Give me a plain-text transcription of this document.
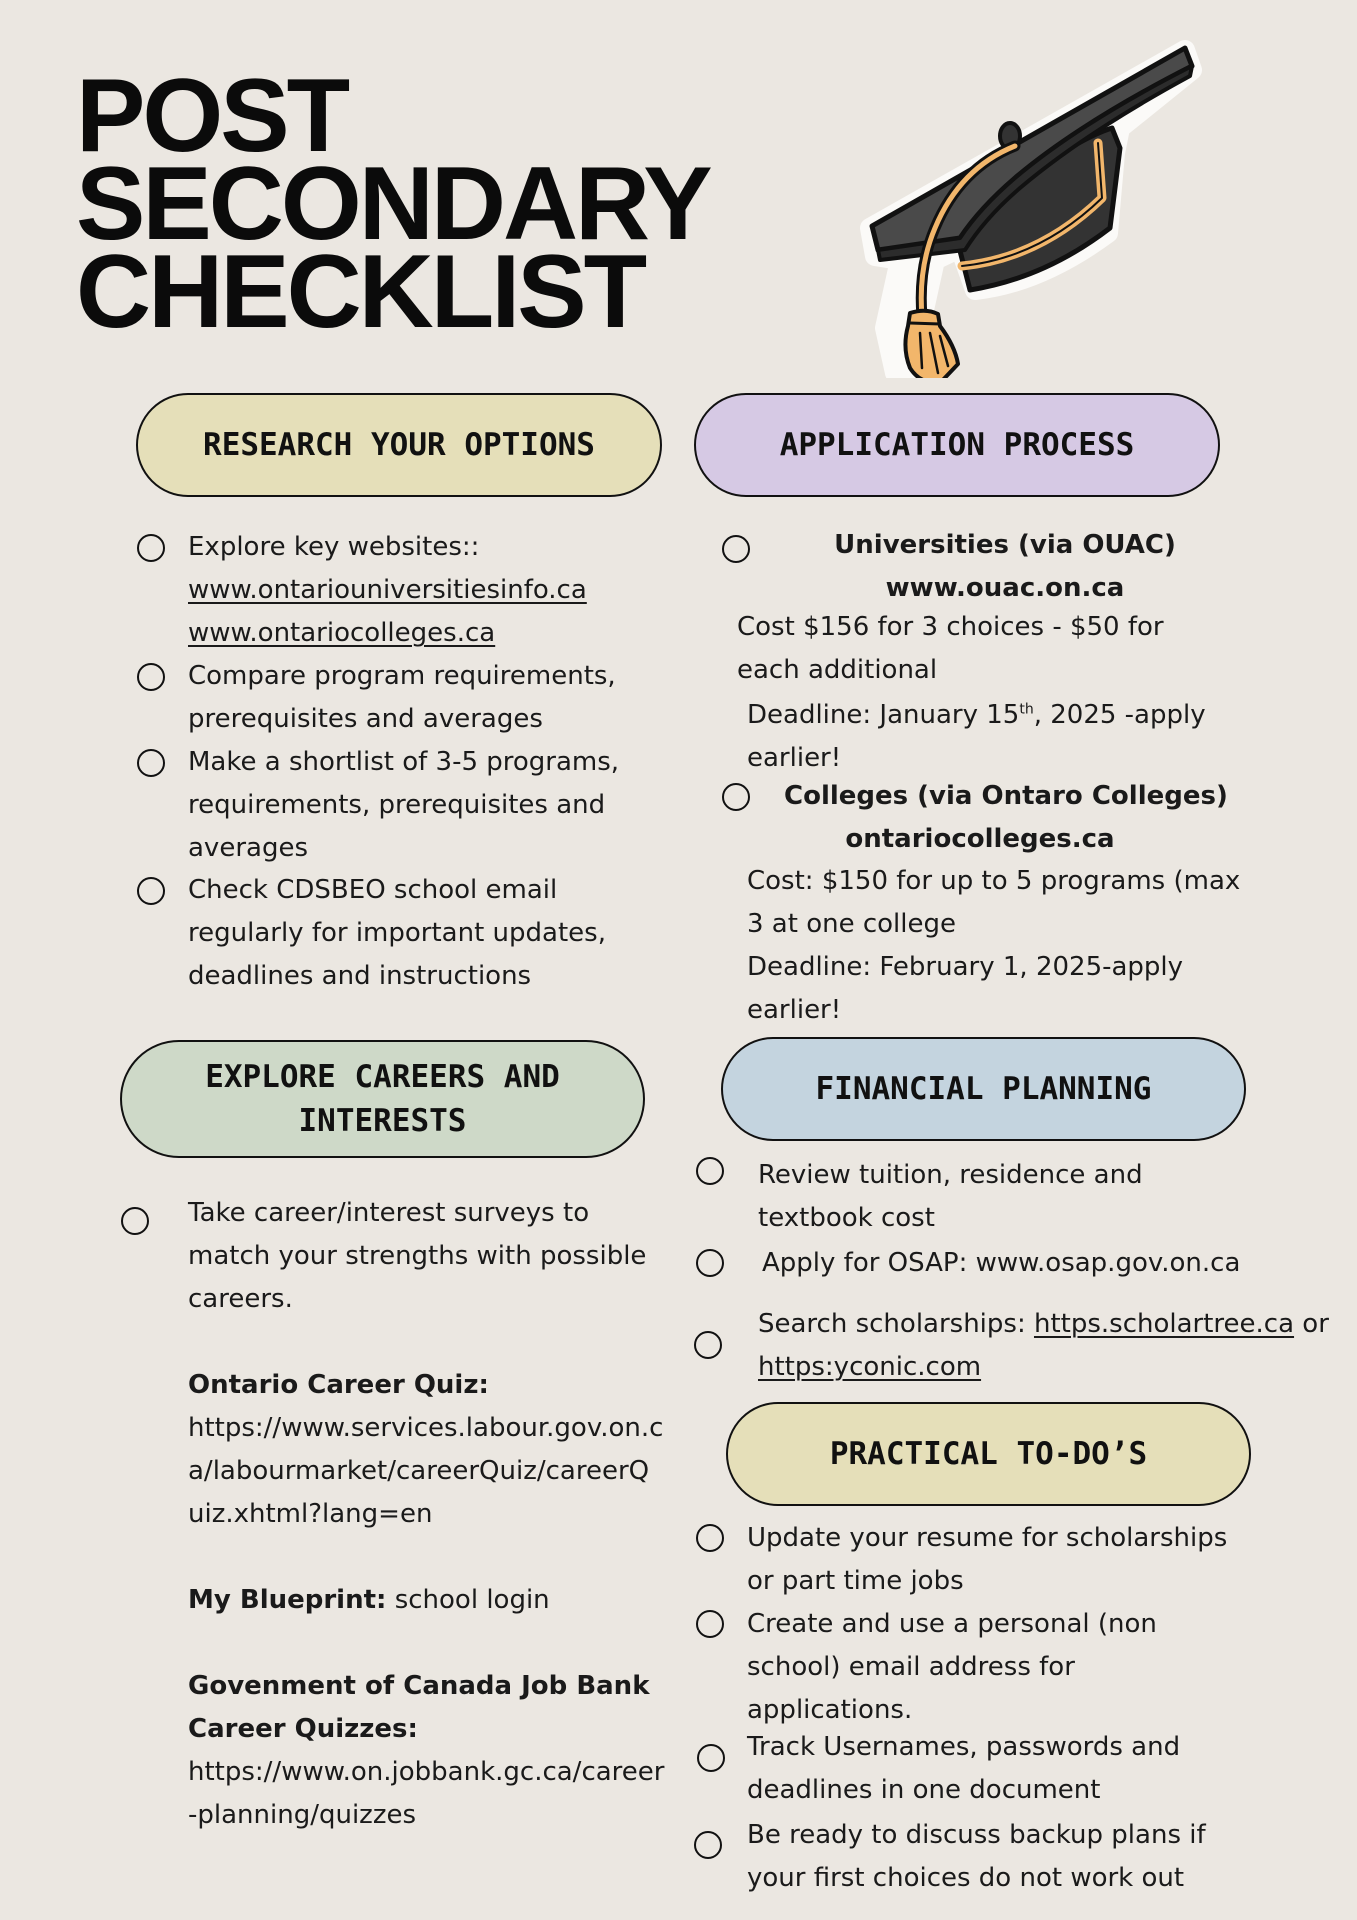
POST
SECONDARY
CHECKLIST
RESEARCH YOUR OPTIONS
Explore key websites::
www.ontariouniversitiesinfo.ca
www.ontariocolleges.ca
Compare program requirements,
prerequisites and averages
Make a shortlist of 3-5 programs,
requirements, prerequisites and
averages
Check CDSBEO school email
regularly for important updates,
deadlines and instructions
APPLICATION PROCESS
Universities (via OUAC)
www.ouac.on.ca
Cost $156 for 3 choices - $50 for
each additional
Deadline: January 15th, 2025 -apply
earlier!
Colleges (via Ontaro Colleges)
ontariocolleges.ca
Cost: $150 for up to 5 programs (max
3 at one college
Deadline: February 1, 2025-apply
earlier!
EXPLORE CAREERS AND
INTERESTS
Take career/interest surveys to
match your strengths with possible
careers.
Ontario Career Quiz:
https://www.services.labour.gov.on.c
a/labourmarket/careerQuiz/careerQ
uiz.xhtml?lang=en
My Blueprint: school login
Govenment of Canada Job Bank
Career Quizzes:
https://www.on.jobbank.gc.ca/career
-planning/quizzes
FINANCIAL PLANNING
Review tuition, residence and
textbook cost
Apply for OSAP: www.osap.gov.on.ca
Search scholarships: https.scholartree.ca or
https:yconic.com
PRACTICAL TO-DO’S
Update your resume for scholarships
or part time jobs
Create and use a personal (non
school) email address for
applications.
Track Usernames, passwords and
deadlines in one document
Be ready to discuss backup plans if
your first choices do not work out
